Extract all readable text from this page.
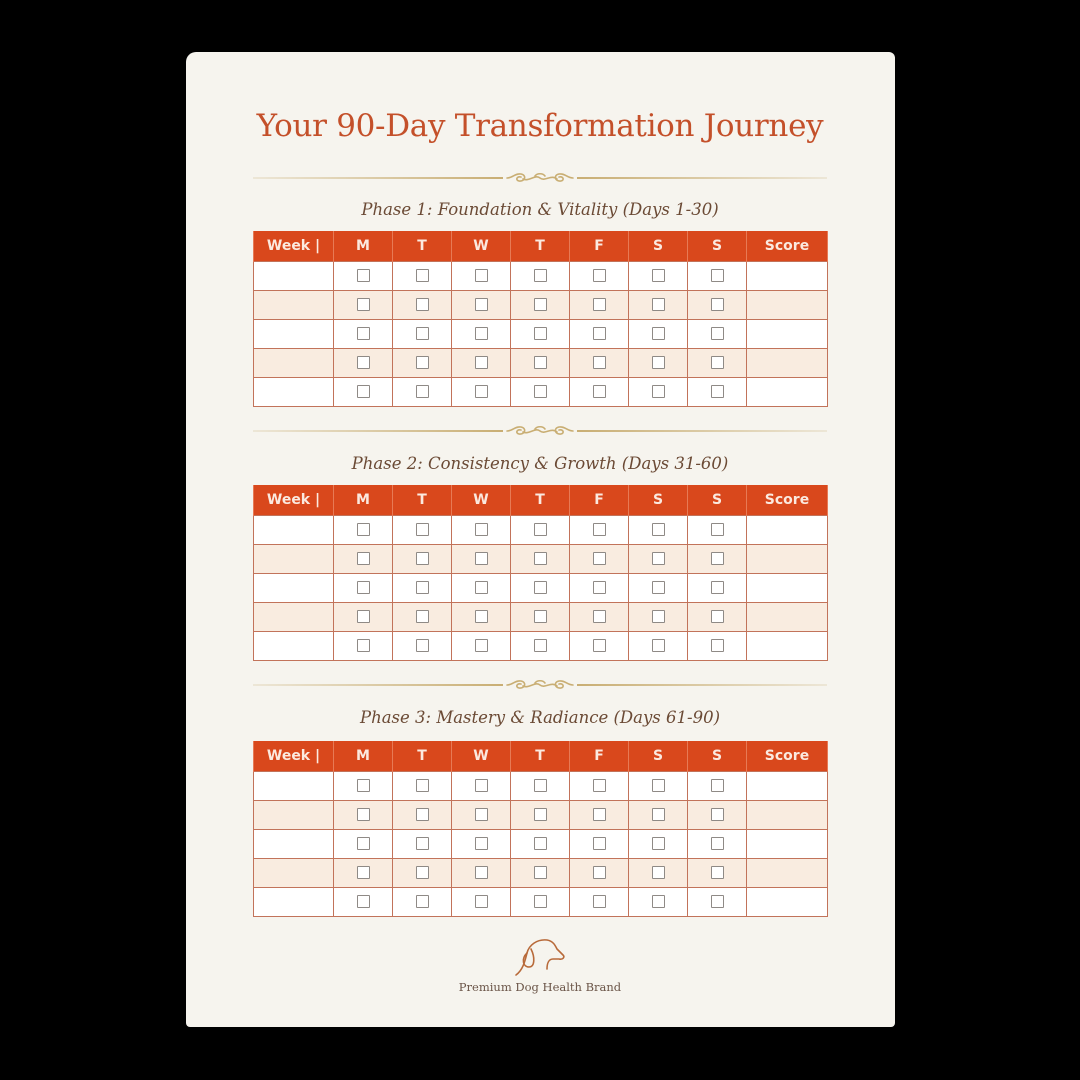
Your 90-Day Transformation Journey
Phase 1: Foundation & Vitality (Days 1-30)
Week |	M	T	W	T	F	S	S	Score

Phase 2: Consistency & Growth (Days 31-60)
Week |	M	T	W	T	F	S	S	Score

Phase 3: Mastery & Radiance (Days 61-90)
Week |	M	T	W	T	F	S	S	Score

Premium Dog Health Brand
